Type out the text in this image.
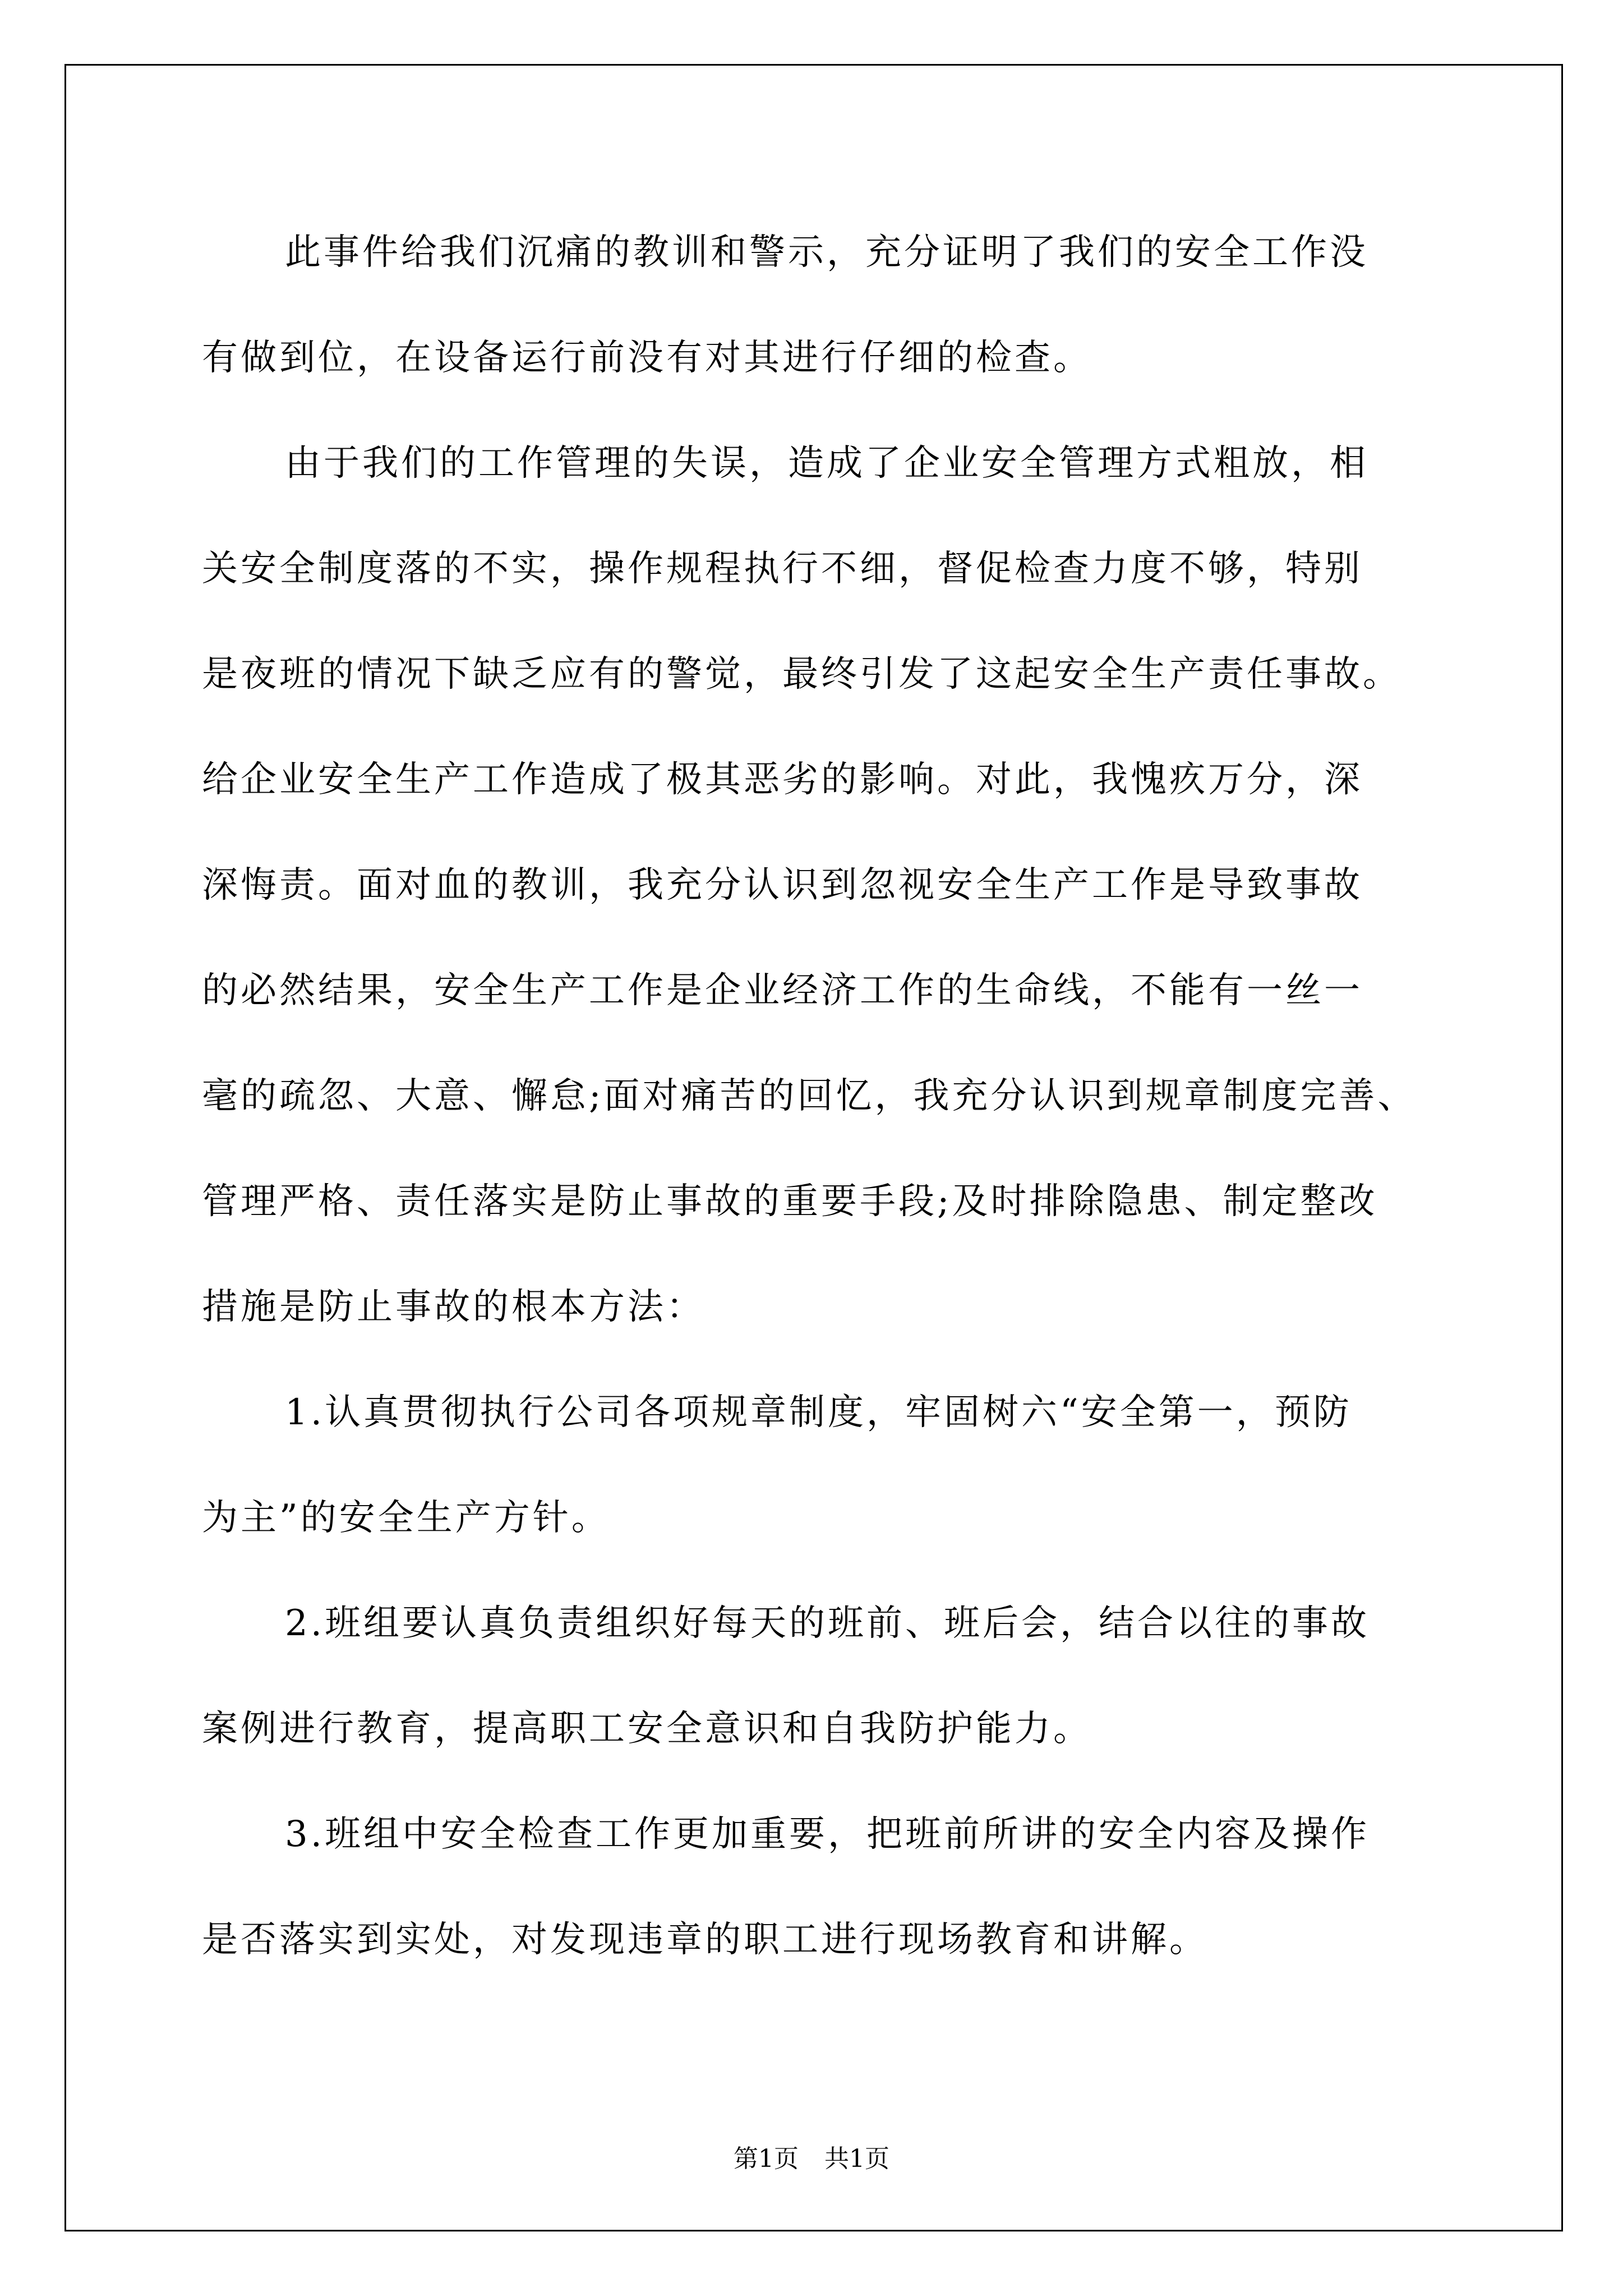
此事件给我们沉痛的教训和警示，充分证明了我们的安全工作没
有做到位，在设备运行前没有对其进行仔细的检查。
由于我们的工作管理的失误，造成了企业安全管理方式粗放，相
关安全制度落的不实，操作规程执行不细，督促检查力度不够，特别
是夜班的情况下缺乏应有的警觉，最终引发了这起安全生产责任事故。
给企业安全生产工作造成了极其恶劣的影响。对此，我愧疚万分，深
深悔责。面对血的教训，我充分认识到忽视安全生产工作是导致事故
的必然结果，安全生产工作是企业经济工作的生命线，不能有一丝一
毫的疏忽、大意、懈怠;面对痛苦的回忆，我充分认识到规章制度完善、
管理严格、责任落实是防止事故的重要手段;及时排除隐患、制定整改
措施是防止事故的根本方法：
1.认真贯彻执行公司各项规章制度，牢固树六“安全第一，预防
为主”的安全生产方针。
2.班组要认真负责组织好每天的班前、班后会，结合以往的事故
案例进行教育，提高职工安全意识和自我防护能力。
3.班组中安全检查工作更加重要，把班前所讲的安全内容及操作
是否落实到实处，对发现违章的职工进行现场教育和讲解。
第1页 共1页
